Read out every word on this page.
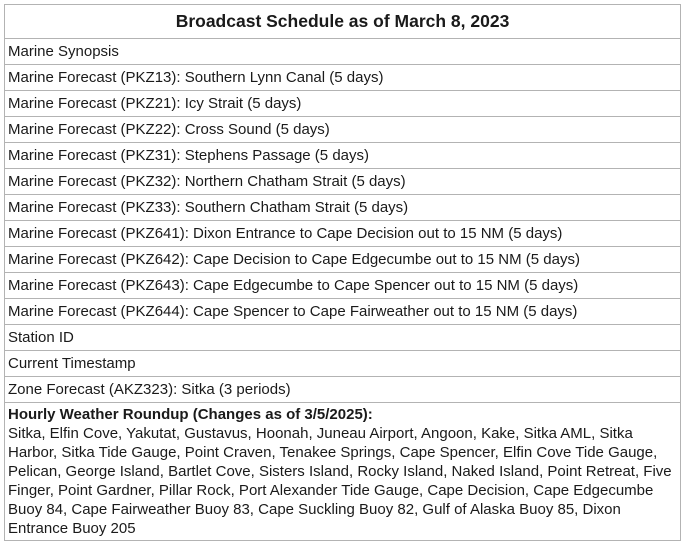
Broadcast Schedule as of March 8, 2023
Marine Synopsis
Marine Forecast (PKZ13): Southern Lynn Canal (5 days)
Marine Forecast (PKZ21): Icy Strait (5 days)
Marine Forecast (PKZ22): Cross Sound (5 days)
Marine Forecast (PKZ31): Stephens Passage (5 days)
Marine Forecast (PKZ32): Northern Chatham Strait (5 days)
Marine Forecast (PKZ33): Southern Chatham Strait (5 days)
Marine Forecast (PKZ641): Dixon Entrance to Cape Decision out to 15 NM (5 days)
Marine Forecast (PKZ642): Cape Decision to Cape Edgecumbe out to 15 NM (5 days)
Marine Forecast (PKZ643): Cape Edgecumbe to Cape Spencer out to 15 NM (5 days)
Marine Forecast (PKZ644): Cape Spencer to Cape Fairweather out to 15 NM (5 days)
Station ID
Current Timestamp
Zone Forecast (AKZ323): Sitka (3 periods)

Hourly Weather Roundup (Changes as of 3/5/2025):
Sitka, Elfin Cove, Yakutat, Gustavus, Hoonah, Juneau Airport, Angoon, Kake, Sitka AML, Sitka Harbor, Sitka Tide Gauge, Point Craven, Tenakee Springs, Cape Spencer, Elfin Cove Tide Gauge, Pelican, George Island, Bartlet Cove, Sisters Island, Rocky Island, Naked Island, Point Retreat, Five Finger, Point Gardner, Pillar Rock, Port Alexander Tide Gauge, Cape Decision, Cape Edgecumbe Buoy 84, Cape Fairweather Buoy 83, Cape Suckling Buoy 82, Gulf of Alaska Buoy 85, Dixon Entrance Buoy 205
